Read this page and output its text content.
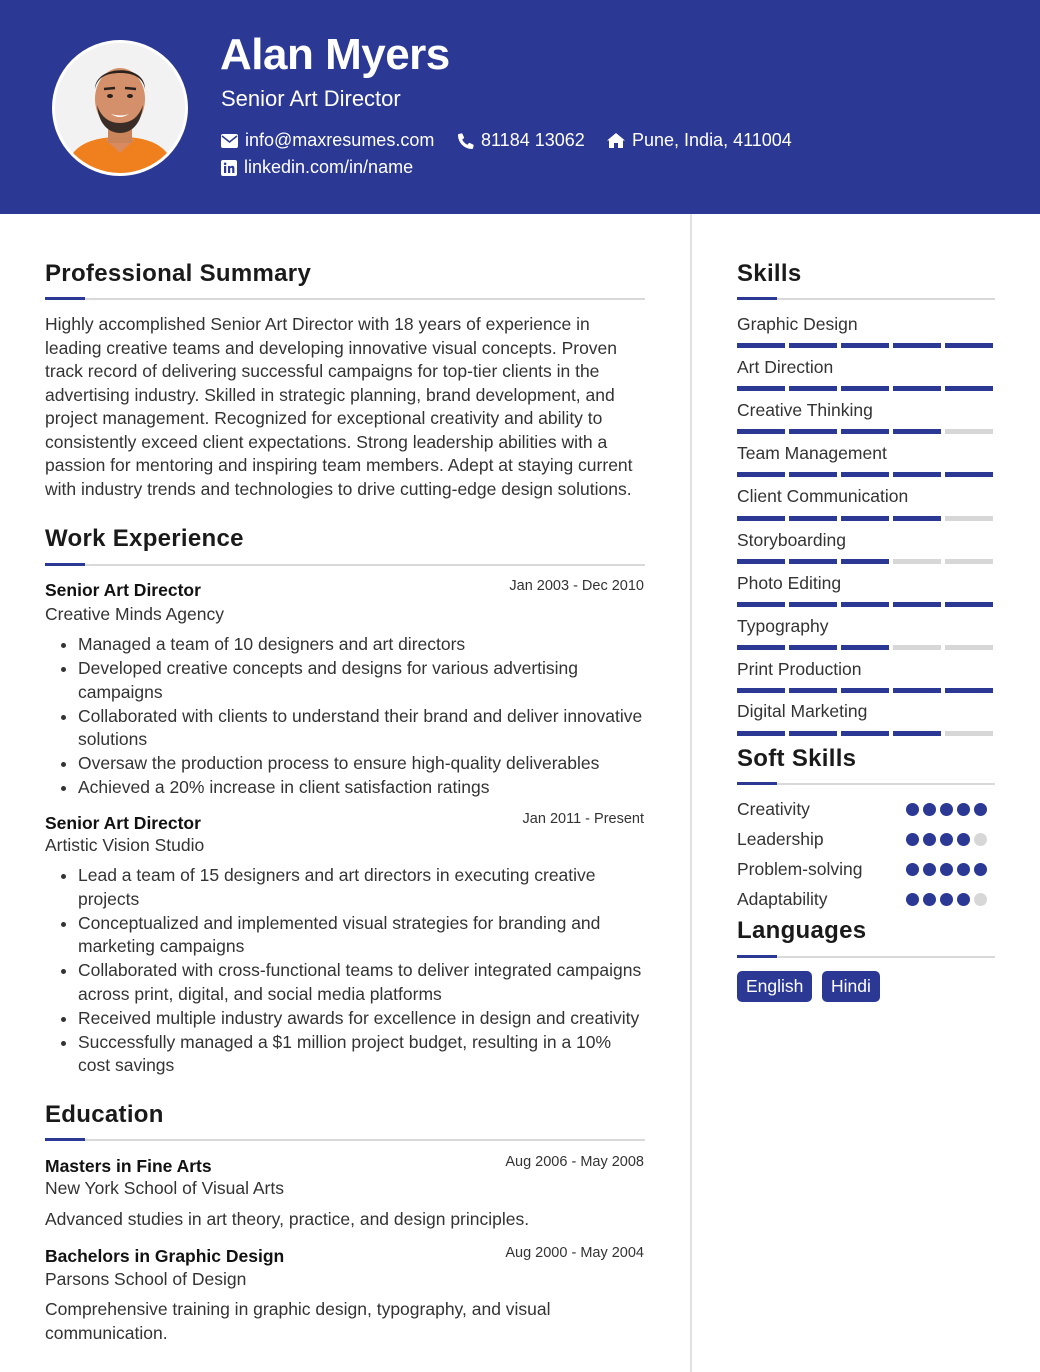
Alan Myers
Senior Art Director
info@maxresumes.com	81184 13062	Pune, India, 411004
linkedin.com/in/name
Professional Summary
Highly accomplished Senior Art Director with 18 years of experience in leading creative teams and developing innovative visual concepts. Proven track record of delivering successful campaigns for top-tier clients in the advertising industry. Skilled in strategic planning, brand development, and project management. Recognized for exceptional creativity and ability to consistently exceed client expectations. Strong leadership abilities with a passion for mentoring and inspiring team members. Adept at staying current with industry trends and technologies to drive cutting-edge design solutions.
Work Experience
Senior Art Director	Jan 2003 - Dec 2010
Creative Minds Agency
• Managed a team of 10 designers and art directors
• Developed creative concepts and designs for various advertising campaigns
• Collaborated with clients to understand their brand and deliver innovative solutions
• Oversaw the production process to ensure high-quality deliverables
• Achieved a 20% increase in client satisfaction ratings
Senior Art Director	Jan 2011 - Present
Artistic Vision Studio
• Lead a team of 15 designers and art directors in executing creative projects
• Conceptualized and implemented visual strategies for branding and marketing campaigns
• Collaborated with cross-functional teams to deliver integrated campaigns across print, digital, and social media platforms
• Received multiple industry awards for excellence in design and creativity
• Successfully managed a $1 million project budget, resulting in a 10% cost savings
Education
Masters in Fine Arts	Aug 2006 - May 2008
New York School of Visual Arts
Advanced studies in art theory, practice, and design principles.
Bachelors in Graphic Design	Aug 2000 - May 2004
Parsons School of Design
Comprehensive training in graphic design, typography, and visual communication.
Skills
Graphic Design
Art Direction
Creative Thinking
Team Management
Client Communication
Storyboarding
Photo Editing
Typography
Print Production
Digital Marketing
Soft Skills
Creativity
Leadership
Problem-solving
Adaptability
Languages
English	Hindi
